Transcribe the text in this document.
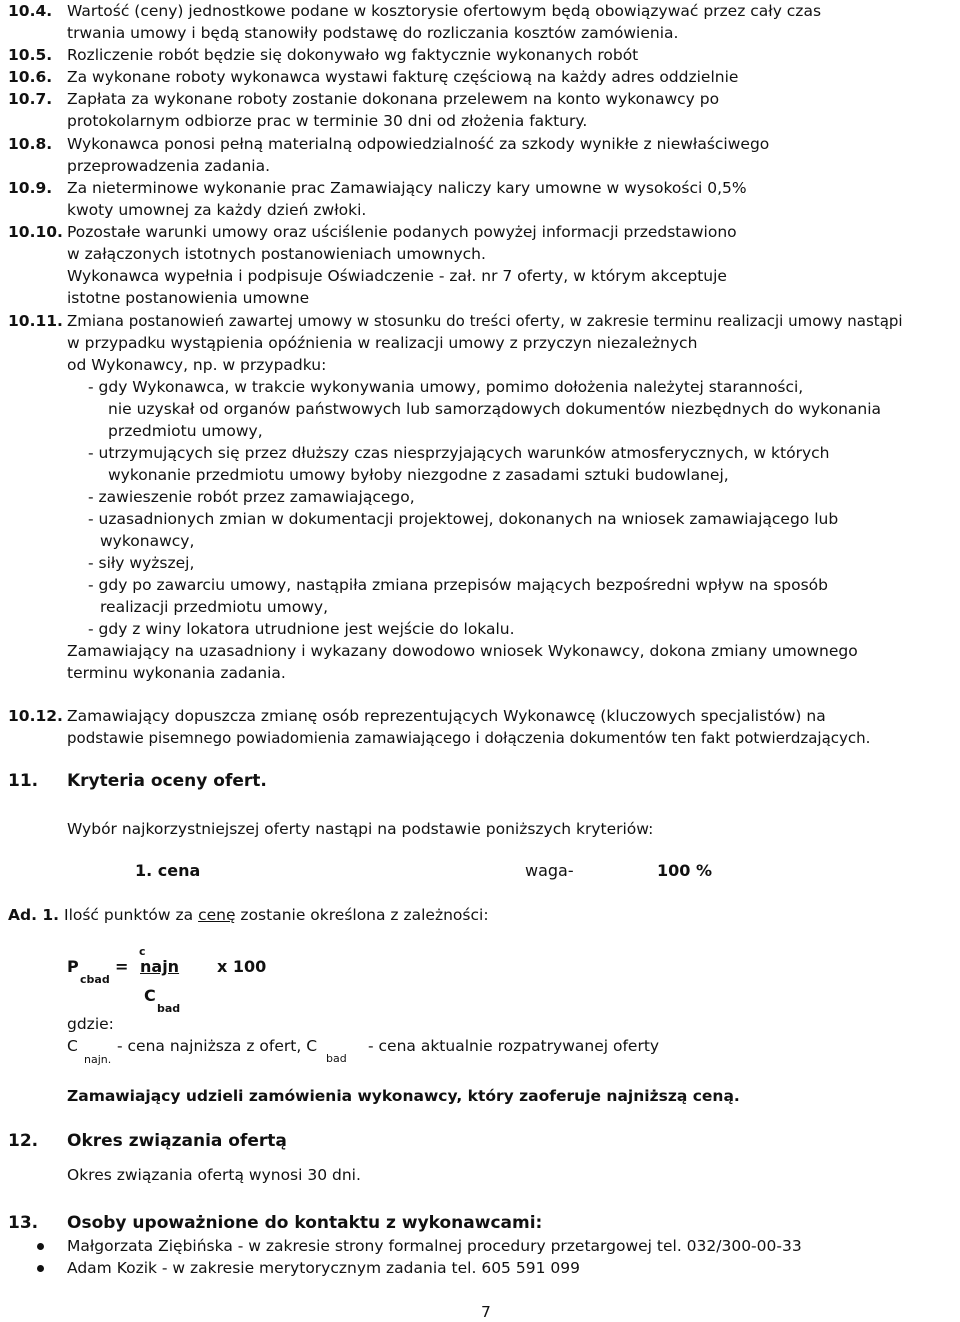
10.4. Wartość (ceny) jednostkowe podane w kosztorysie ofertowym będą obowiązywać przez cały czas
trwania umowy i będą stanowiły podstawę do rozliczania kosztów zamówienia.
10.5. Rozliczenie robót będzie się dokonywało wg faktycznie wykonanych robót
10.6. Za wykonane roboty wykonawca wystawi fakturę częściową na każdy adres oddzielnie
10.7. Zapłata za wykonane roboty zostanie dokonana przelewem na konto wykonawcy po
protokolarnym odbiorze prac w terminie 30 dni od złożenia faktury.
10.8. Wykonawca ponosi pełną materialną odpowiedzialność za szkody wynikłe z niewłaściwego
przeprowadzenia zadania.
10.9. Za nieterminowe wykonanie prac Zamawiający naliczy kary umowne w wysokości 0,5%
kwoty umownej za każdy dzień zwłoki.
10.10. Pozostałe warunki umowy oraz uściślenie podanych powyżej informacji przedstawiono
w załączonych istotnych postanowieniach umownych.
Wykonawca wypełnia i podpisuje Oświadczenie - zał. nr 7 oferty, w którym akceptuje
istotne postanowienia umowne
10.11. Zmiana postanowień zawartej umowy w stosunku do treści oferty, w zakresie terminu realizacji umowy nastąpi
w przypadku wystąpienia opóźnienia w realizacji umowy z przyczyn niezależnych
od Wykonawcy, np. w przypadku:
- gdy Wykonawca, w trakcie wykonywania umowy, pomimo dołożenia należytej staranności,
nie uzyskał od organów państwowych lub samorządowych dokumentów niezbędnych do wykonania
przedmiotu umowy,
- utrzymujących się przez dłuższy czas niesprzyjających warunków atmosferycznych, w których
wykonanie przedmiotu umowy byłoby niezgodne z zasadami sztuki budowlanej,
- zawieszenie robót przez zamawiającego,
- uzasadnionych zmian w dokumentacji projektowej, dokonanych na wniosek zamawiającego lub
wykonawcy,
- siły wyższej,
- gdy po zawarciu umowy, nastąpiła zmiana przepisów mających bezpośredni wpływ na sposób
realizacji przedmiotu umowy,
- gdy z winy lokatora utrudnione jest wejście do lokalu.
Zamawiający na uzasadniony i wykazany dowodowo wniosek Wykonawcy, dokona zmiany umownego
terminu wykonania zadania.
10.12. Zamawiający dopuszcza zmianę osób reprezentujących Wykonawcę (kluczowych specjalistów) na
podstawie pisemnego powiadomienia zamawiającego i dołączenia dokumentów ten fakt potwierdzających.
11. Kryteria oceny ofert.
Wybór najkorzystniejszej oferty nastąpi na podstawie poniższych kryteriów:
1. cena	waga-	100 %
Ad. 1. Ilość punktów za cenę zostanie określona z zależności:
P
cbad
=
c
najn x 100
C
bad
gdzie:
C
najn.
- cena najniższa z ofert, C
bad
- cena aktualnie rozpatrywanej oferty
Zamawiający udzieli zamówienia wykonawcy, który zaoferuje najniższą ceną.
12. Okres związania ofertą
Okres związania ofertą wynosi 30 dni.
13. Osoby upoważnione do kontaktu z wykonawcami:
Małgorzata Ziębińska - w zakresie strony formalnej procedury przetargowej tel. 032/300-00-33
Adam Kozik - w zakresie merytorycznym zadania tel. 605 591 099
7
